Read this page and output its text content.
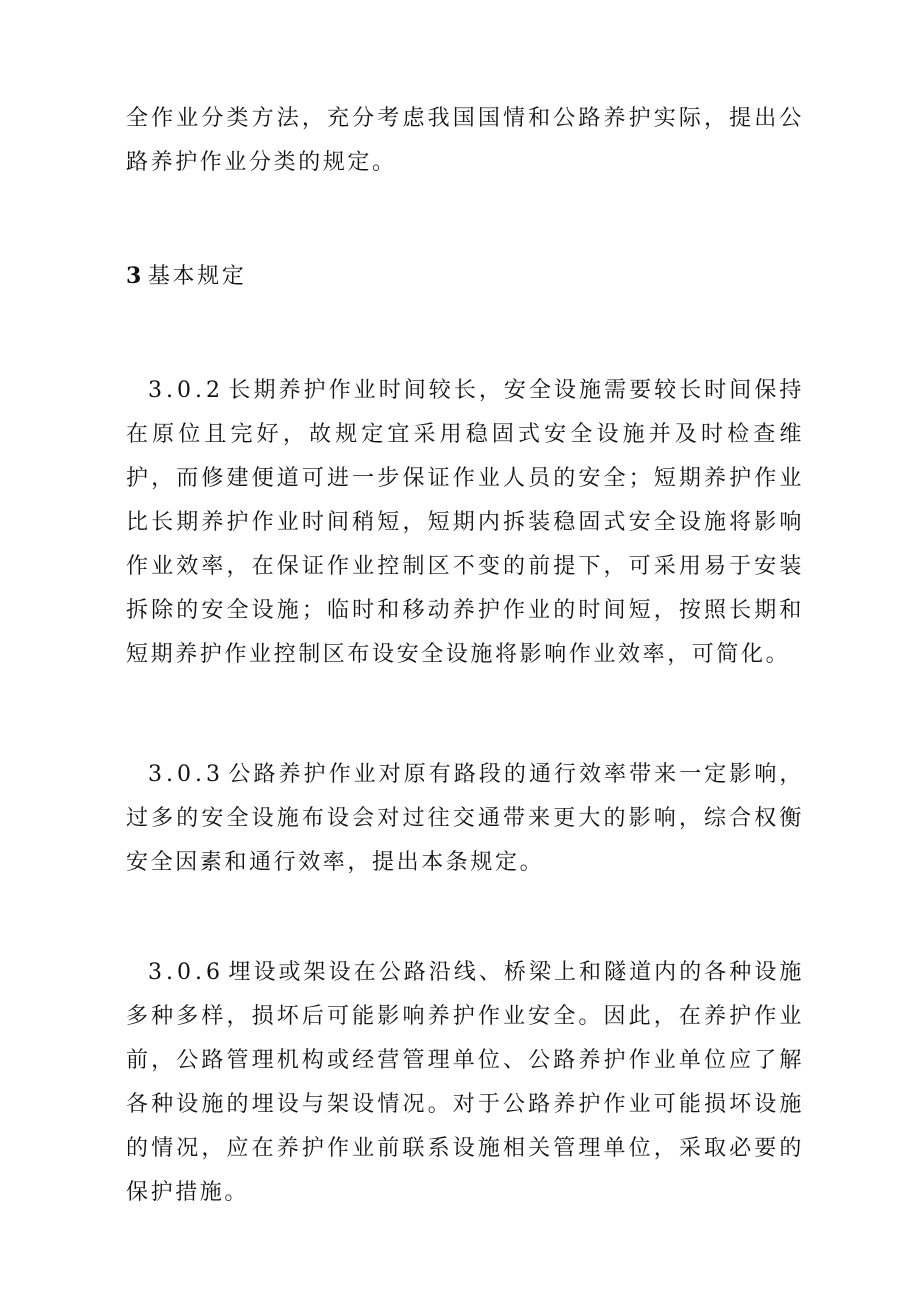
全作业分类方法，充分考虑我国国情和公路养护实际，提出公路养护作业分类的规定。

3 基本规定

3.0.2 长期养护作业时间较长，安全设施需要较长时间保持在原位且完好，故规定宜采用稳固式安全设施并及时检查维护，而修建便道可进一步保证作业人员的安全；短期养护作业比长期养护作业时间稍短，短期内拆装稳固式安全设施将影响作业效率，在保证作业控制区不变的前提下，可采用易于安装拆除的安全设施；临时和移动养护作业的时间短，按照长期和短期养护作业控制区布设安全设施将影响作业效率，可简化。

3.0.3 公路养护作业对原有路段的通行效率带来一定影响，过多的安全设施布设会对过往交通带来更大的影响，综合权衡安全因素和通行效率，提出本条规定。

3.0.6 埋设或架设在公路沿线、桥梁上和隧道内的各种设施多种多样，损坏后可能影响养护作业安全。因此，在养护作业前，公路管理机构或经营管理单位、公路养护作业单位应了解各种设施的埋设与架设情况。对于公路养护作业可能损坏设施的情况，应在养护作业前联系设施相关管理单位，采取必要的保护措施。
